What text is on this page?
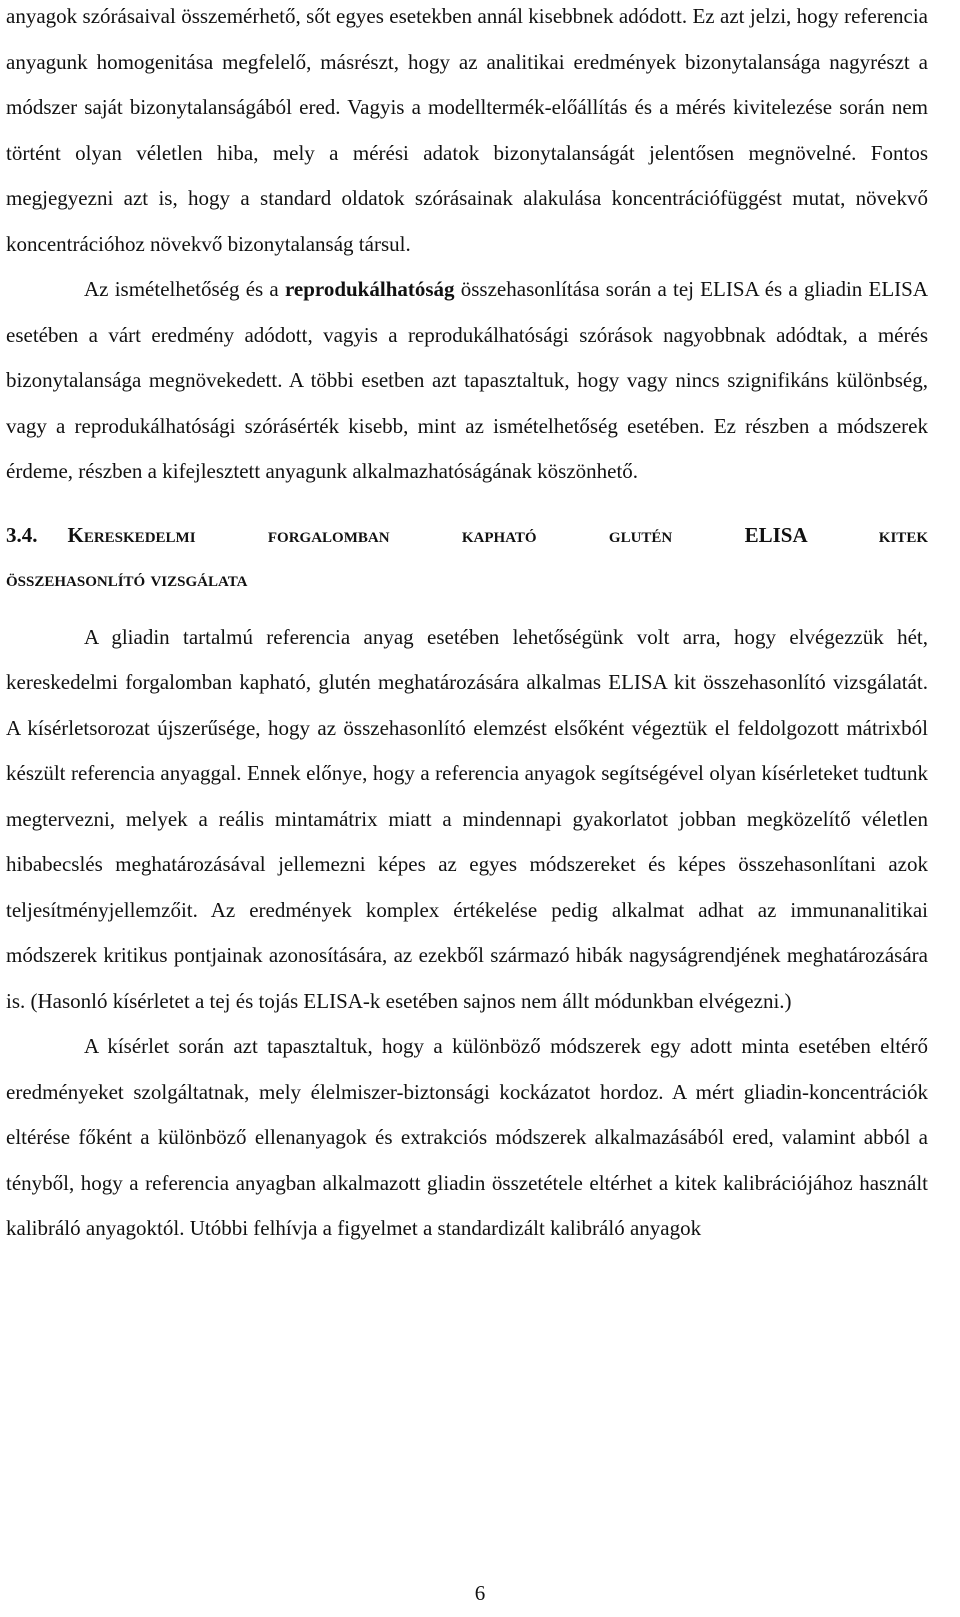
anyagok szórásaival összemérhető, sőt egyes esetekben annál kisebbnek adódott. Ez azt jelzi, hogy referencia anyagunk homogenitása megfelelő, másrészt, hogy az analitikai eredmények bizonytalansága nagyrészt a módszer saját bizonytalanságából ered. Vagyis a modelltermék-előállítás és a mérés kivitelezése során nem történt olyan véletlen hiba, mely a mérési adatok bizonytalanságát jelentősen megnövelné. Fontos megjegyezni azt is, hogy a standard oldatok szórásainak alakulása koncentrációfüggést mutat, növekvő koncentrációhoz növekvő bizonytalanság társul.

Az ismételhetőség és a reprodukálhatóság összehasonlítása során a tej ELISA és a gliadin ELISA esetében a várt eredmény adódott, vagyis a reprodukálhatósági szórások nagyobbnak adódtak, a mérés bizonytalansága megnövekedett. A többi esetben azt tapasztaltuk, hogy vagy nincs szignifikáns különbség, vagy a reprodukálhatósági szórásérték kisebb, mint az ismételhetőség esetében. Ez részben a módszerek érdeme, részben a kifejlesztett anyagunk alkalmazhatóságának köszönhető.

3.4. Kereskedelmi forgalomban kapható glutén ELISA kitek
összehasonlító vizsgálata

A gliadin tartalmú referencia anyag esetében lehetőségünk volt arra, hogy elvégezzük hét, kereskedelmi forgalomban kapható, glutén meghatározására alkalmas ELISA kit összehasonlító vizsgálatát. A kísérletsorozat újszerűsége, hogy az összehasonlító elemzést elsőként végeztük el feldolgozott mátrixból készült referencia anyaggal. Ennek előnye, hogy a referencia anyagok segítségével olyan kísérleteket tudtunk megtervezni, melyek a reális mintamátrix miatt a mindennapi gyakorlatot jobban megközelítő véletlen hibabecslés meghatározásával jellemezni képes az egyes módszereket és képes összehasonlítani azok teljesítményjellemzőit. Az eredmények komplex értékelése pedig alkalmat adhat az immunanalitikai módszerek kritikus pontjainak azonosítására, az ezekből származó hibák nagyságrendjének meghatározására is. (Hasonló kísérletet a tej és tojás ELISA-k esetében sajnos nem állt módunkban elvégezni.)

A kísérlet során azt tapasztaltuk, hogy a különböző módszerek egy adott minta esetében eltérő eredményeket szolgáltatnak, mely élelmiszer-biztonsági kockázatot hordoz. A mért gliadin-koncentrációk eltérése főként a különböző ellenanyagok és extrakciós módszerek alkalmazásából ered, valamint abból a tényből, hogy a referencia anyagban alkalmazott gliadin összetétele eltérhet a kitek kalibrációjához használt kalibráló anyagoktól. Utóbbi felhívja a figyelmet a standardizált kalibráló anyagok

6
